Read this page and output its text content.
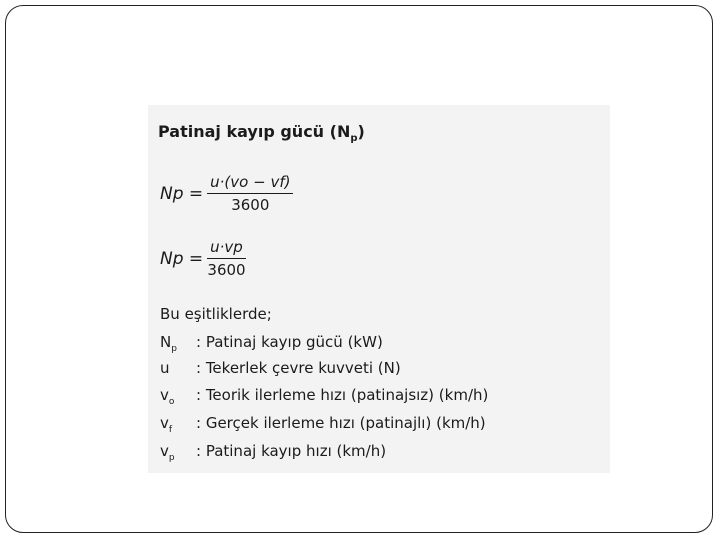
Patinaj kayıp gücü $(N_p)$
$Np = \frac{u\cdot(vo - vf)}{3600}$
$Np = \frac{u\cdot vp}{3600}$
Bu eşitliklerde;
$N_p$	: Patinaj kayıp gücü (kW)
u	: Tekerlek çevre kuvveti (N)
$v_o$	: Teorik ilerleme hızı (patinajsız) (km/h)
$v_f$	: Gerçek ilerleme hızı (patinajlı) (km/h)
$v_p$	: Patinaj kayıp hızı (km/h)
